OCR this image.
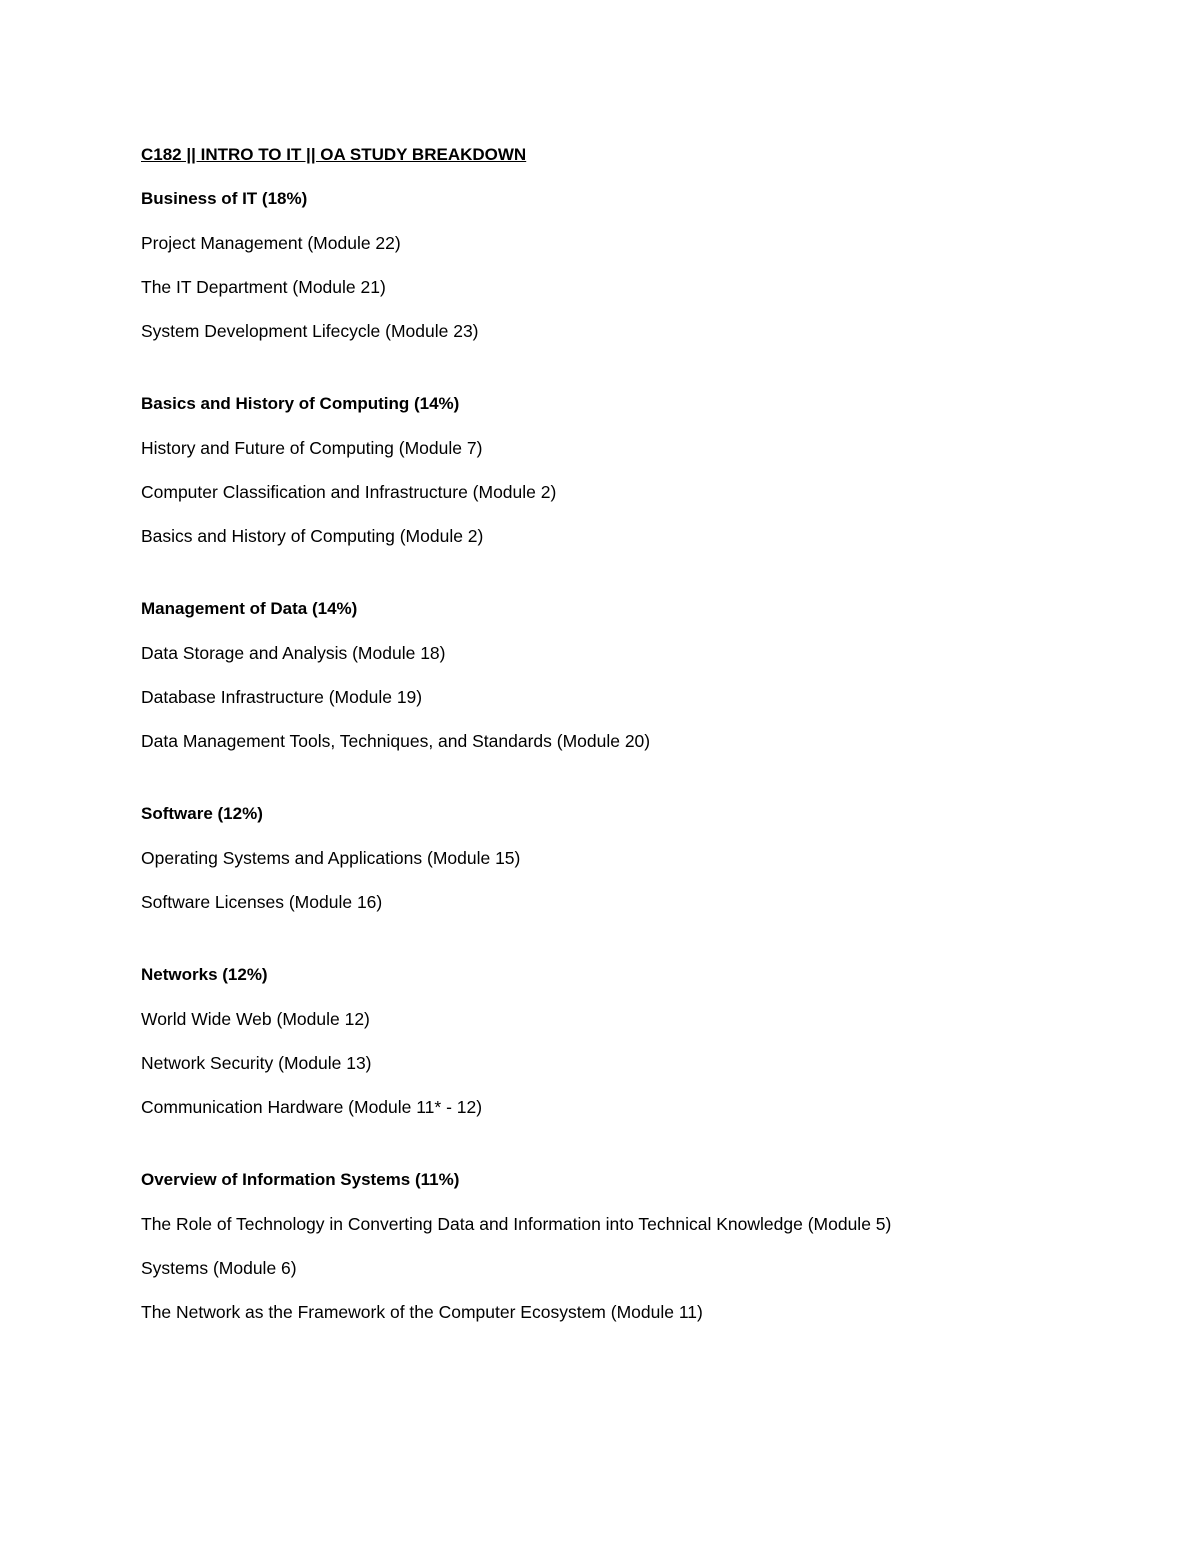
C182 || INTRO TO IT || OA STUDY BREAKDOWN
Business of IT (18%)
Project Management (Module 22)
The IT Department (Module 21)
System Development Lifecycle (Module 23)
Basics and History of Computing (14%)
History and Future of Computing (Module 7)
Computer Classification and Infrastructure (Module 2)
Basics and History of Computing (Module 2)
Management of Data (14%)
Data Storage and Analysis (Module 18)
Database Infrastructure (Module 19)
Data Management Tools, Techniques, and Standards (Module 20)
Software (12%)
Operating Systems and Applications (Module 15)
Software Licenses (Module 16)
Networks (12%)
World Wide Web (Module 12)
Network Security (Module 13)
Communication Hardware (Module 11* - 12)
Overview of Information Systems (11%)
The Role of Technology in Converting Data and Information into Technical Knowledge (Module 5)
Systems (Module 6)
The Network as the Framework of the Computer Ecosystem (Module 11)
